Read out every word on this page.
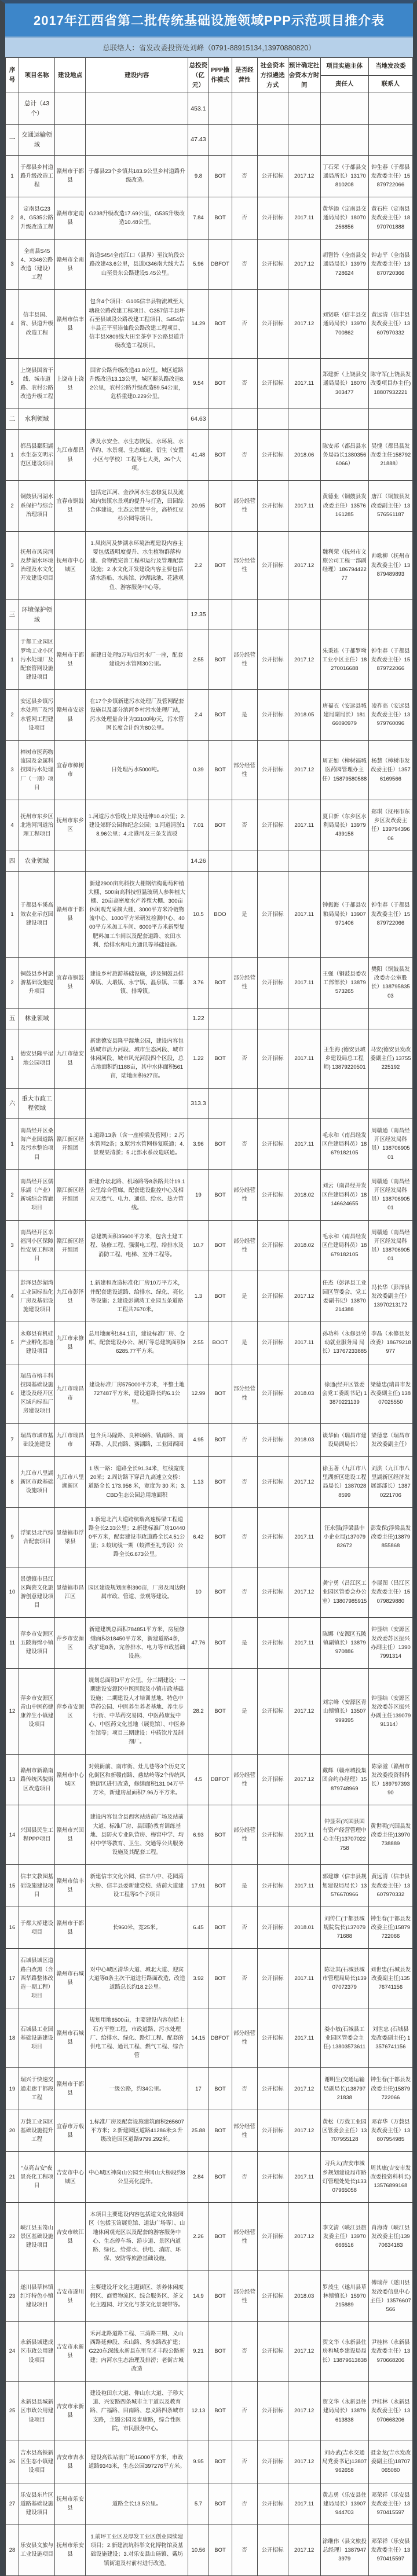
2017年江西省第二批传统基础设施领域PPP示范项目推介表
总联络人：省发改委投资处刘峰（0791-88915134,13970880820）
序号	项目名称	建设地点	建设内容	总投资（亿元）	PPP操作模式	是否经营性	社会资本方拟遴选方式	预计确定社会资本方时间	项目实施主体	当地发改委
									责任人	联系人
	总计（43个）			453.1						
一	交通运输领域			47.43						
1	于都县乡村道路升级改造工程	赣州市于都县	于都县23个乡镇共183.9公里乡村道路升级改造。	9.8	BOT	否	公开招标	2017.12	丁石荣（于都县交通局所长）13170810208	钟生春（于都县发改委主任）15879722066
2	定南县G238、G535公路升级改造工程	赣州市定南县	G238升级改造17.69公里，G535升级改造10.48公里。	7.84	BOT	否	公开招标	2017.11	黄华添（定南县交通局局长）18070256856	黄石柱（定南县发改委主任）18970701888
3	全南县S454、X346公路改造（建设）工程	赣州市全南县	省道S454全南江口（县界）至汶坑段公路改建43.6公里，县道X346南大线大吉山至贵东公路建设5.45公里。	5.96	DBFOT	否	公开招标	2017.12	胡智铃（全南县交通局局长）13979728624	钟志平（全南县发改委主任）13870720366
4	信丰县国、省、县道升级改造工程	赣州市信丰县	包含4个项目：G105信丰县物流城至大塘段公路改建工程项目、G357信丰县坪石至县城段公路改建工程项目、S454信丰县正平至崇仙段公路改建工程项目、信丰县X809线大田至茶亭下公路县道升级改造工程项目。	14.29	BOT	否	公开招标	2017.12	刘贤联（信丰县交通局局长）13970700862	黄远清（信丰县发改委主任）13607970332
5	上饶县国省干线、城市道路、农村公路改造升级工程	上饶市上饶县	国省公路升级改造43.8公里，城区道路升级改造13.13公里，城区断头路改造8.2公里，农村公路升级改造59.54公里，危桥重建0.229公里。	9.54	BOT	否	公开招标	2017.11	郑建新（上饶县交通局局长）18070303477	陈守军(上饶县发改委项目办主任)18807932221
二	水利领域			64.63						
1	都昌县鄱阳湖水生态文明示范区建设项目	九江市都昌县	涉及水安全、水生态恢复、水环境、水节约、水景观、生态廊道、衍生（安置小区与学校）工程等七大类，26个大项。	41.48	BOT	否	公开招标	2018.06	陈安邦（都昌县水务局局长13803566066）	吴愧（都昌县发改委主任15879221888）
2	铜鼓县河湖水系保护与综合治理项目	宜春市铜鼓县	包括定江河、金沙河水生态修复以及流域内集镇水景观的提升与打造，田园综合体建设，生态云智慧平台，高桥红豆杉公园等项目。	20.95	BOT	部分经营性	公开招标	2017.11	黄德业（铜鼓县发改委主任）13576161285	唐江（铜鼓县发改委副主任）13576561187
3	抚州市凤岗河及梦湖水环境治理及水文化开发建设项目	抚州市中心城区	1.凤岗河及梦湖水环境治理建设内容主要包括透明度提升、水生植物群落构建、食物链完善工程和运行及管理配套设施；2.水文化开发建设内容主要包括清水游船、水族馆、沙湖泳池、花港观鱼、游客服务中心等。	2.2	BOT	部分经营性	公开招标	2017.12	魏利荣（抚州市文旅公司工程一部副经理）18679442277	帅歌柳（抚州市发改委主任）13879489893
三	环境保护领域			12.35						
1	于都工业园区罗坳工业小区污水处理厂及配套管网设施建设项目	赣州市于都县	新建日处理3万吨/日污水厂一座，配套建设污水管网30公里。	2.55	BOT	部分经营性	公开招标	2017.12	朱秉连（于都罗坳工业小区主任）18270016688	钟生春（于都县发改委主任）15879722066
2	安远县乡镇污水处理厂及污水管网工程建设项目	赣州市安远县	在17个乡镇新建污水处理厂及管网配套设施以及部分滨河乡村污水处理厂站，污水处理量合计为33100吨/天，污水管网长度合计约为80公里。	2.4	BOT	是	公开招标	2018.05	唐福衣（安远县城建局副局长）18166090979	凌祚高（安远县发改委主任）13979760096
3	樟树市医药物流园及金属科技园污水处理厂（一期）项目	宜春市樟树市	日处理污水5000吨。	0.39	BOT	部分经营性	公开招标	2017.12	周正如（樟树福城医药园管理办主任）15879580588	杨慧（樟树市发改委主任）13576169566
4	抚州市东乡区北港河河道治理工程项目	抚州市东乡区	1.河道污水管线上岸及延伸10.4公里；2.建设郊野公园和纪念公园；3.河道清淤18.96公里；4.北港河及三条支流驳	7.01	BOT	否	公开招标	2017.11	夏日新（东乡区水利局局长）13979439158	郑琪（抚州市东乡区发改委主任）13979439606
四	农业领域			14.26						
1	于都县车溪高效农业示范园建设项目	赣州市于都县	新建2900亩高科技大棚钢结构葡萄种植大棚、500亩高科技恒温玻璃人参种植大棚、20亩高密度水产养殖大棚、300亩休闲观光采摘大棚、3000平方米冷链物流中心、1000平方米研发检测中心、4000平方米加工车间、6000平方米新型复肥料加工车间以及配套道路、农田水利、给排水和电力通讯等基础设施。	10.5	BOO	是	公开招标	2017.11	钟振海（于都县农粮局局长）13907971406	钟生春（于都县发改委主任）15879722066
2	铜鼓县乡村旅游基础设施提升项目	宜春市铜鼓县	建设乡村旅游基础设施，涉及铜鼓县排埠镇、大塅镇、永宁镇、温泉镇、三都镇、排埠镇。	3.76	BOT	部分经营性	公开招标	2017.11	王强（铜鼓县委农工部部长）13879573265	樊阳（铜鼓县发改委办公室股长）13879583503
五	林业领域			1.22						
1	德安县隆平湿地公园项目	九江市德安县	新建德安县隆平湿地公园，建设内容包括城市活力河段、城市生态河段、城市休闲河段、城市风光河段四个区段，总占地面积约1188亩，其中水体面积561亩，陆地面积627亩。	1.22	BOT	否	公开招标	2017.11	王生海 (德安县城乡建设局总工程师) 13879220501	马安(德安县发改委副主任) 13755225192
六	重大市政工程领域			313.3						
1	南昌经开区桑海产业园道路及污水整治项目	赣江新区经开组团	1.道路13条（含一座桥梁及管网）；2.污水管网2条；3.原污水管网修复联通；4.景观渠清淤；5.北部水系改造联通。	3.96	BOT	否	公开招标	2017.11	毛永和（南昌经发区住建局科员）18679182105	周赣通（南昌经开区经发局科员）13870690501
2	南昌经开区儒乐湖（产业）新城综合管廊项目	赣江新区经开组团	新建介坛北路、机场路等8条路共计19.1公里综合管廊，配套建设监控中心及相应天然气、电力、通信、给水、热力管线。	19	BOT	部分经营性	公开招标	2018.02	刘云（南昌经开发区住建局科员）18146624655	周赣通（南昌经开区经发局科员）13870690501
3	南昌经开区幸福河小区保障性安居工程项目	赣江新区经开组团	总建筑面积35600平方米，包含土建工程、装修工程、强弱电工程、给排水及消防工程、电梯、室外工程等。	10.7	BOT	部分经营性	公开招标	2018.02	毛永和（南昌经发区住建局科员）18679182105	周赣通（南昌经开区经发局科员）13870690501
4	彭泽县彭湖湾工业园标准化厂房及基础设施建设项目	九江市彭泽县	1.新建和改造标准化厂房10万平方米，并配套建设道路、给排水、绿化、亮化等设施；2.建设彭湖湾工业园五条道路工程共7670米。	1.3	BOT	是	公开招标	2017.12	任杰（彭泽县工业园区管委会、党工委副书记）13870214388	冯长华（彭泽县发改委副主任）13970213172
5	永修县有机硅产业孵化基地建设项目	九江市永修县	总用地面积184.1亩，建设标准厂房、仓库，配套建设办公、展厅等总建筑面积96285.77平方米。	2.55	BOOT	是	公开招标	2017.11	孙功科（永修县劳动就业服务局 局长）13767233885	李晶（永修县发改委）18679218977
6	瑞昌市榕丰科技园基础设施建设及经开区区域内标准厂房建设项目	九江市瑞昌市	建设标准厂房575000平方米，平整土地727487平方米，建设道路长约6.1公里。	12.99	BOT	部分经营性	公开招标	2018.03	徐通(经开区管委会党工委副书记) 13870221139	梁德忠(瑞昌市发改委副主任) 13807025550
7	瑞昌市城市基础设施建设	九江市瑞昌市	包含兵马隆路、良种场路、镇南路、南环路、人民南路、赛湖路，工业园西园	4.95	BOT	否	公开招标	2018.03	谈华仙（瑞昌市建设局副局长）	梁德忠（瑞昌市发改委副主任）
8	九江市八里湖新区市政基础设施项目	九江市八里湖新区	1.纵一路：道路全长91.34米，红线宽度20米；2.周访路下穿昌九高速立交桥：道路全长 173.956 米，宽度为 30 米；3.CBD生态公园总用地面积	1.13	BOT	否	公开招标	2017.12	徐玉著（九江市八里湖新区建设工程局局长）13870288599	刘洪（九江市八里湖新区经济发展部部长）13870221706
9	浮梁县北汽综合配套项目	景德镇市浮梁县	1.新建北汽大道跨杭瑞高速桥梁工程道路全长2.33公里；2.新建标准厂房104400平方米，配套建设市政道路全长4.51公里；3.蛟坑线一期（蛟潭至礼芳段）公路全长6.673公里。	6.42	BOT	否	公开招标	2017.11	汪永强(浮梁县中小企业局)13707982672	彭发保(浮梁县发改委主任)13879855868
10	景德镇市昌江区陶瓷文化旅游创意建设项目	景德镇市昌江区	园区建设规划面积390亩，厂房及周边附属市政、管道、景观等建设。	10	BOT	否	公开招标	2017.12	龚宁勇（昌江区工业园区管委会办公室）13807985915	李展图（昌江区发改委主任）15079829880
11	萍乡市安源区五陂海绵小镇建设项目	萍乡市安源区	新建建筑总面积784851平方米，房屋修缮面积318450平方米，新建道路4条，改扩建8条，完善排水、电力等市政基础设施。	47.76	BOT	是	公开招标	2017.11	陈娜（安源区五陂镇副镇长）13879970886	钟显结（安源区发改委苏区振兴办副主任）13907991314
12	萍乡市安源区青山中医药健康养生小镇建设项目	萍乡市安源区	规划总面积3平方公里，分三期建设：一期建设安源区中医医院及小镇市政基础设施；二期建设人才培训基地、特色中草药公园、中医养生养老基地、养生步行街、中草药交易园、中医药康复中心、中医药文化基地（展览馆）、中医养生馆等；项目三期建设：中药饮片及制剂厂。	28.2	BOT	是	公开招标	2017.12	刘宗峰（安源区青山镇镇长）13507999395	钟显结（安源区发改委苏区振兴办副主任13907991314）
13	赣州市新赣南路传统风貌街区改造项目	赣州市中心城区	对姚衙前、南市街、灶儿巷等3个历史文化街区和新赣南路、慈姑岭等2个传统风貌街区进行改造，修缮面积131.04万平方米，新建房屋面积7.96万平方米。	4.5	DBFOT	部分经营性	公开招标	2017.12	戴辉（赣州城投集团合约办经理）15879748969	陈泉滋（赣州市发改委投资科科长）18979739390
14	兴国县民生工程PPP项目	赣州市兴国县	建设内容包含县西客站站前广场及站前大道、标准厂房、县国防教育训练基地、县防火专业队营房、梅窖中学、均村中学等教育、卫生、交通等公共服务设施及其配套工程。	6.93	BOT	部分经营性	公开招标	2017.11	钟显荣(兴国县国有资产经营管理中心主任)13707022758	黄世明(兴国县发改委主任)13970738889
15	信丰文教园基础设施建设项目	赣州市信丰县	新建信丰文化公园、信丰八中、花园湾大桥、信丰县委新建党校、站前大道建设工程等5个子项目	17.91	BOT	是	公开招标	2017.11	郭建雄（信丰县规划建设局局长）13576670966	黄远清（信丰县发改委主任）13607970332
16	于都大桥建设项目	赣州市于都县	长960米，宽25米。	6.45	BOT	否	公开招标	2018.01	刘传仁(于都县城规院院长)13707971688	钟生春(于都县发改委主任)15879722066
17	石城县城区道路白改黑（含西华路整体改造一期工程）项目	赣州市石城县	对中心城区清华大道、城北大道、迎宾大道等8条主次干道进行路面改造，改造道路总长约18.2公里。	3.92	BOT	否	公开招标	2017.11	陈让其(石城县城市管理局局长)13907072379	刘世忠(石城县发改委副主任)13576741156
18	石城县工业园基础设施建设项目	赣州市石城县	规划用地6500亩，主要建设内容包括土石方平整工程，市政道路、污水处理厂、给排水、绿化、路灯工程、配套的供电工程、通讯工程、燃气工程、综合管	14.15	DBFOT	部分经营性	公开招标	2017.11	娄小敏(石城县工业园区管委会主任) 13803573611	刘世忠 (石城县发改委副主任) 13576741156
19	瑞兴于快速交通走廊于都段工程	赣州市于都县	一级公路，约34公里。	17	BOT	否	公开招标	2017.12	谢明生(交通运输局副局长)13879721838	钟生春(于都县发改委主任)15879722066
20	万载工业园区基础设施提升工程	宜春市万载县	1.标准厂房及配套设施建筑面积265607平方米；2.新建园区道路41286米;3.升级改造园区道路9799.292米。	25.88	BOT	部分经营性	公开招标	2017.12	黄松（万载工业园区管委会主任）13707955128	邓春华（万载县发改委主任）13807954985
21	“点亮吉安”夜景亮化工程项目	吉安市中心城区	中心城区神岗山公园至井冈山大桥段约8公里亮化提升。	2.84	BOT	否	公开招标	2017.11	习兵太(吉安市城乡规划建设局市路灯管理处处长)13307965058	周其康(吉安市发改委投资科科长)13576899168
22	峡江县玉笥山景区基础设施建设项目	吉安市峡江县	本项目主要建设内容包括道文化体验园区（包括玉笥展览馆、道法广场等）、山地休闲观光区以及配套的游客服务中心、生态停车场、游步道、景区内道路、绿化、给排水、供电、消防、环保、安防等旅游基础设施。	2.26	BOT	部分经营性	公开招标	2017.12	李文清（峡江县旅发委主任）13970666516	肖海涛（峡江县发改委主任)13970634183
23	遂川县草林镇红圩特色小镇建设项目	吉安市遂川县	主要建设圩文化主题街区、茶养休闲度假区、商贸物流区、综合服务区、茶文化主题园、圩文化与茶文化景观带等。	14.9	BOT	部分经营性	公开招标	2018.03	罗茂生（遂川县草林镇镇长）15970215889	傅瑞萍（遂川县发改委信息中心主任）13576607566
24	永新县城建成区市政公用建设项目	吉安市永新县	禾河北路道路工程、三湾路三期、义山西路延伸段、禾山路、秀水路改扩建；G220东深线永新县东里至才丰段公路新建；内河水生态治理及排涝；老街古城改造	9.21	BOT	否	公开招标	2017.12	贺文华（永新县住房和城乡建设局局长）13879613838	尹桂林（永新县发改委主任）13970668206
25	永新县县城新区市政公用建设项目	吉安市永新县	建设袍田东大道、仰山东大道、子珍大道、兴安路四条城市主干道以及教育路、广福路、田南路、忠义路四条城市支路，主题公园及泰康路，综合性医院，市民服务中心。	12.13	BOT	否	公开招标	2017.12	贺文华（永新县住建局局长）13879613838	尹桂林（永新县发改委主任）13970668206
26	吉水县高铁新区生态小镇建设项目	吉安市吉水县	建设高铁站前广场16000平方米，市政道路9343米，生态公园397276平方米。	9.95	BOT	否	公开招标	2017.12	刘办武(吉水交通局党委书记)13807962658	聂金龙(吉水发改委副主任)18707065080
27	乐安县东片区道路基础设施建设项目	抚州市乐安县	道路全长13.5公里。	5.7	BOT	否	公开招标	2017.11	黄志勇（乐安县住建局局长）13907944703	邓荣祥（乐安县发改委主任）13970415597
28	乐安县文旅与工业设施项目	抚州市乐安县	1.前坪工业区及厚发工业区创业园续建项目；2.新建流坑科举文化博物馆及基础设施建设；3.对乐安县山砀镇、戴坊镇街道及村前村进行改造。	10.56	BOT	否	公开招标	2017.12	涂继伟（县文旅投总经理）13879473979	邓荣祥（乐安县发改委主任）13970415597
